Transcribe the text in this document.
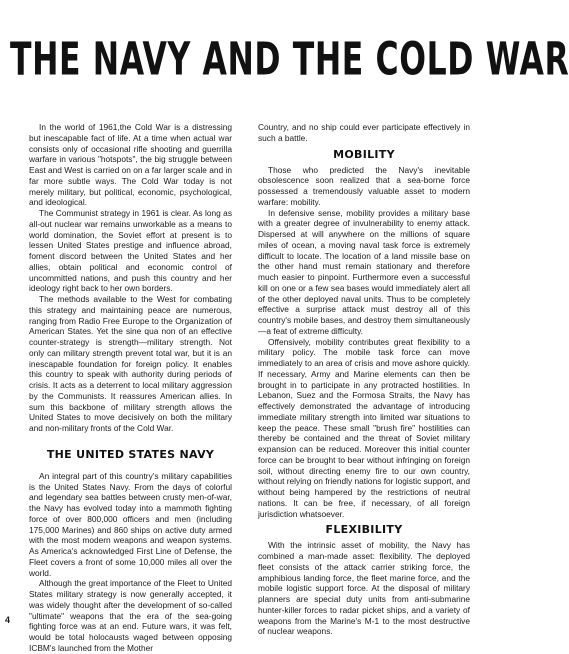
THE NAVY AND THE COLD WAR

In the world of 1961,the Cold War is a distressing but inescapable fact of life. At a time when actual war consists only of occasional rifle shooting and guerrilla warfare in various "hotspots", the big struggle between East and West is carried on on a far larger scale and in far more subtle ways. The Cold War today is not merely military, but political, economic, psychological, and ideological.

The Communist strategy in 1961 is clear. As long as all-out nuclear war remains unworkable as a means to world domination, the Soviet effort at present is to lessen United States prestige and influence abroad, foment discord between the United States and her allies, obtain political and economic control of uncommitted nations, and push this country and her ideology right back to her own borders.

The methods available to the West for combating this strategy and maintaining peace are numerous, ranging from Radio Free Europe to the Organization of American States. Yet the sine qua non of an effective counter-strategy is strength—military strength. Not only can military strength prevent total war, but it is an inescapable foundation for foreign policy. It enables this country to speak with authority during periods of crisis. It acts as a deterrent to local military aggression by the Communists. It reassures American allies. In sum this backbone of military strength allows the United States to move decisively on both the military and non-military fronts of the Cold War.

THE UNITED STATES NAVY

An integral part of this country's military capabilities is the United States Navy. From the days of colorful and legendary sea battles between crusty men-of-war, the Navy has evolved today into a mammoth fighting force of over 800,000 officers and men (including 175,000 Marines) and 860 ships on active duty armed with the most modern weapons and weapon systems. As America's acknowledged First Line of Defense, the Fleet covers a front of some 10,000 miles all over the world.

Although the great importance of the Fleet to United States military strategy is now generally accepted, it was widely thought after the development of so-called "ultimate" weapons that the era of the sea-going fighting force was at an end. Future wars, it was felt, would be total holocausts waged between opposing ICBM's launched from the Mother

Country, and no ship could ever participate effectively in such a battle.

MOBILITY

Those who predicted the Navy's inevitable obsolescence soon realized that a sea-borne force possessed a tremendously valuable asset to modern warfare: mobility.

In defensive sense, mobility provides a military base with a greater degree of invulnerability to enemy attack. Dispersed at will anywhere on the millions of square miles of ocean, a moving naval task force is extremely difficult to locate. The location of a land missile base on the other hand must remain stationary and therefore much easier to pinpoint. Furthermore even a successful kill on one or a few sea bases would immediately alert all of the other deployed naval units. Thus to be completely effective a surprise attack must destroy all of this country's mobile bases, and destroy them simultaneously—a feat of extreme difficulty.

Offensively, mobility contributes great flexibility to a military policy. The mobile task force can move immediately to an area of crisis and move ashore quickly. If necessary, Army and Marine elements can then be brought in to participate in any protracted hostilities. In Lebanon, Suez and the Formosa Straits, the Navy has effectively demonstrated the advantage of introducing immediate military strength into limited war situations to keep the peace. These small "brush fire" hostilities can thereby be contained and the threat of Soviet military expansion can be reduced. Moreover this initial counter force can be brought to bear without infringing on foreign soil, without directing enemy fire to our own country, without relying on friendly nations for logistic support, and without being hampered by the restrictions of neutral nations. It can be free, if necessary, of all foreign jurisdiction whatsoever.

FLEXIBILITY

With the intrinsic asset of mobility, the Navy has combined a man-made asset: flexibility. The deployed fleet consists of the attack carrier striking force, the amphibious landing force, the fleet marine force, and the mobile logistic support force. At the disposal of military planners are special duty units from anti-submarine hunter-killer forces to radar picket ships, and a variety of weapons from the Marine's M-1 to the most destructive of nuclear weapons.

4
